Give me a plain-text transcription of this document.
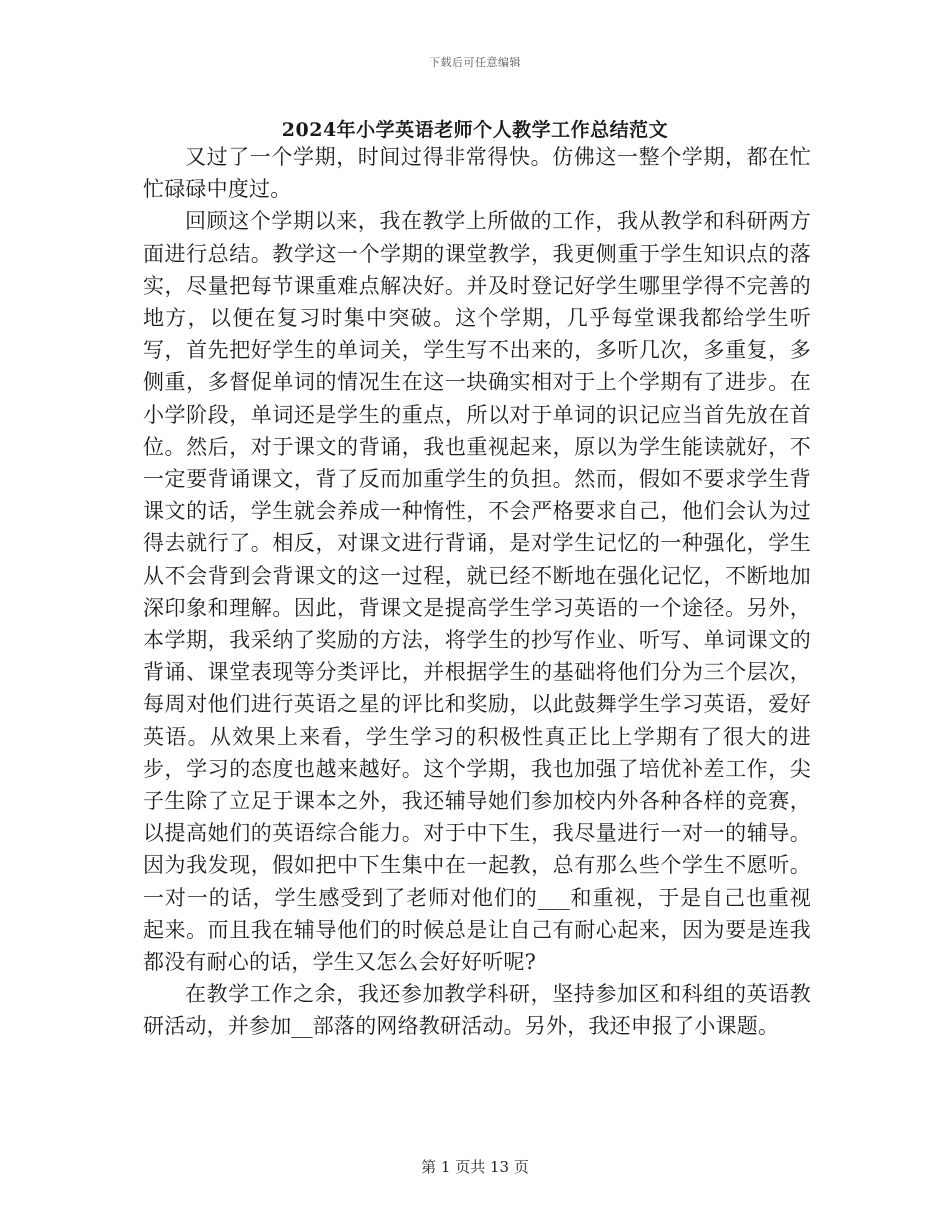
下载后可任意编辑
2024年小学英语老师个人教学工作总结范文

又过了一个学期，时间过得非常得快。仿佛这一整个学期，都在忙忙碌碌中度过。

回顾这个学期以来，我在教学上所做的工作，我从教学和科研两方面进行总结。教学这一个学期的课堂教学，我更侧重于学生知识点的落实，尽量把每节课重难点解决好。并及时登记好学生哪里学得不完善的地方，以便在复习时集中突破。这个学期，几乎每堂课我都给学生听写，首先把好学生的单词关，学生写不出来的，多听几次，多重复，多侧重，多督促单词的情况生在这一块确实相对于上个学期有了进步。在小学阶段，单词还是学生的重点，所以对于单词的识记应当首先放在首位。然后，对于课文的背诵，我也重视起来，原以为学生能读就好，不一定要背诵课文，背了反而加重学生的负担。然而，假如不要求学生背课文的话，学生就会养成一种惰性，不会严格要求自己，他们会认为过得去就行了。相反，对课文进行背诵，是对学生记忆的一种强化，学生从不会背到会背课文的这一过程，就已经不断地在强化记忆，不断地加深印象和理解。因此，背课文是提高学生学习英语的一个途径。另外，本学期，我采纳了奖励的方法，将学生的抄写作业、听写、单词课文的背诵、课堂表现等分类评比，并根据学生的基础将他们分为三个层次，每周对他们进行英语之星的评比和奖励，以此鼓舞学生学习英语，爱好英语。从效果上来看，学生学习的积极性真正比上学期有了很大的进步，学习的态度也越来越好。这个学期，我也加强了培优补差工作，尖子生除了立足于课本之外，我还辅导她们参加校内外各种各样的竞赛，以提高她们的英语综合能力。对于中下生，我尽量进行一对一的辅导。因为我发现，假如把中下生集中在一起教，总有那么些个学生不愿听。一对一的话，学生感受到了老师对他们的___和重视，于是自己也重视起来。而且我在辅导他们的时候总是让自己有耐心起来，因为要是连我都没有耐心的话，学生又怎么会好好听呢?

在教学工作之余，我还参加教学科研，坚持参加区和科组的英语教研活动，并参加__部落的网络教研活动。另外，我还申报了小课题。

第 1 页共 13 页
